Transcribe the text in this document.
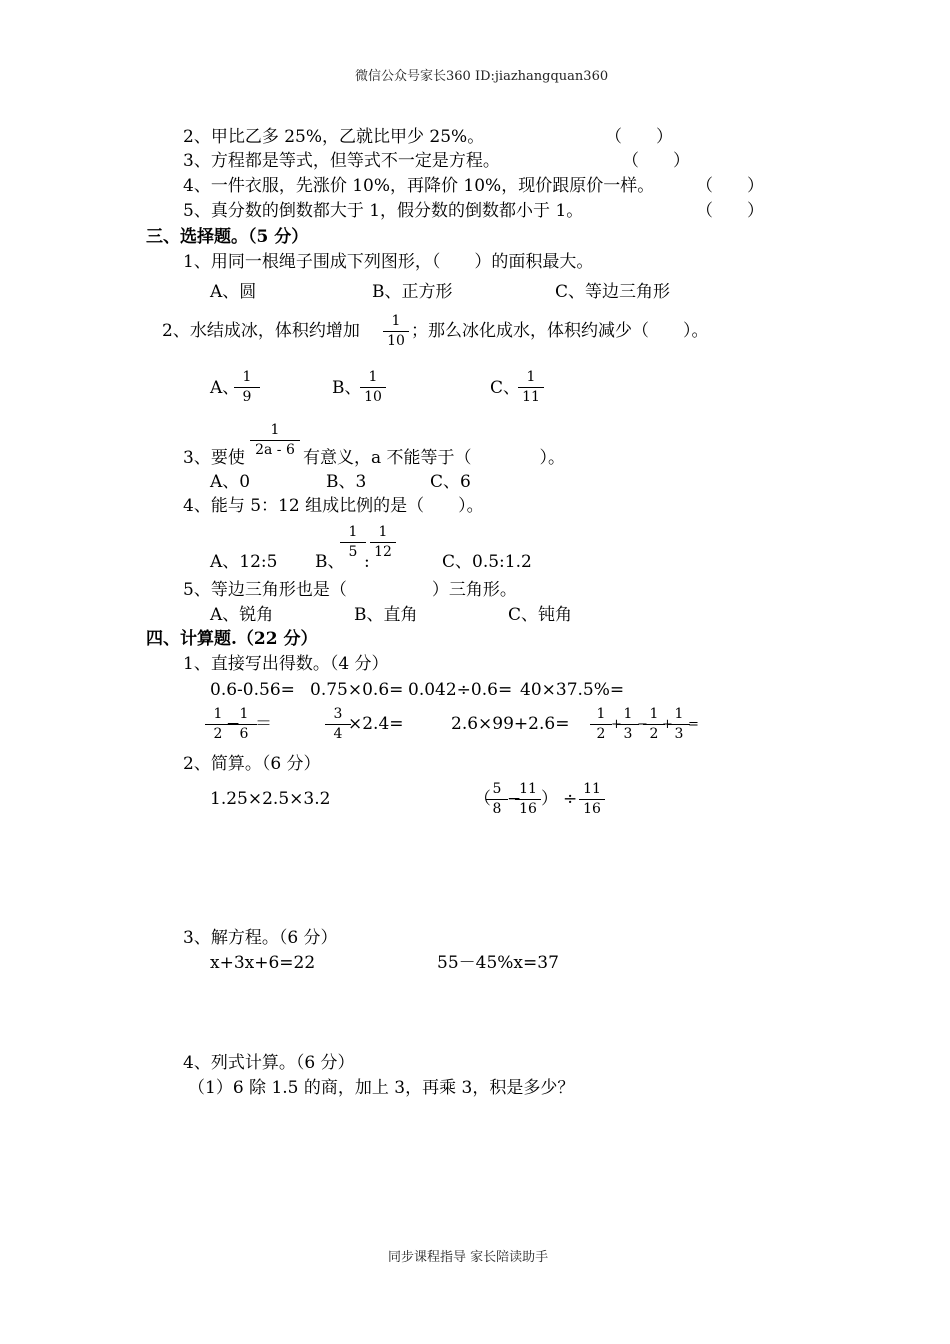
微信公众号家长360 ID:jiazhangquan360
2、甲比乙多 25%，乙就比甲少 25%。	（　　）
3、方程都是等式，但等式不一定是方程。	（　　）
4、一件衣服，先涨价 10%，再降价 10%，现价跟原价一样。 （　　）
5、真分数的倒数都大于 1，假分数的倒数都小于 1。	（　　）
三、选择题。（5 分）
1、用同一根绳子围成下列图形，（　　）的面积最大。
A、圆	B、正方形	C、等边三角形
2、水结成冰，体积约增加	1
10 ；那么冰化成水，体积约减少（　　）。
A、
1
9	B、
1
10	C、
1
11
3、要使
1
2a - 6 有意义，a 不能等于（　　　　）。
A、0	B、3	C、6
4、能与 5：12 组成比例的是（　　）。
A、12:5 B、
1
5 :
1
12	C、0.5:1.2
5、等边三角形也是（　　　　　）三角形。
A、锐角	B、直角	C、钝角
四、计算题.（22 分）
1、直接写出得数。（4 分）
0.6-0.56= 0.75×0.6= 0.042÷0.6= 40×37.5%=
1
2 − 1
6 ＝	3
4 ×2.4=	2.6×99+2.6=	1
2
+
1
3
−
1
2
+
1
3
=
2、简算。（6 分）
1.25×2.5×3.2	（ 5
8 −
11
16 ） ÷ 11
16
3、解方程。（6 分）
x+3x+6=22	55－45%x=37
4、列式计算。（6 分）
（1）6 除 1.5 的商，加上 3，再乘 3，积是多少？
同步课程指导 家长陪读助手
